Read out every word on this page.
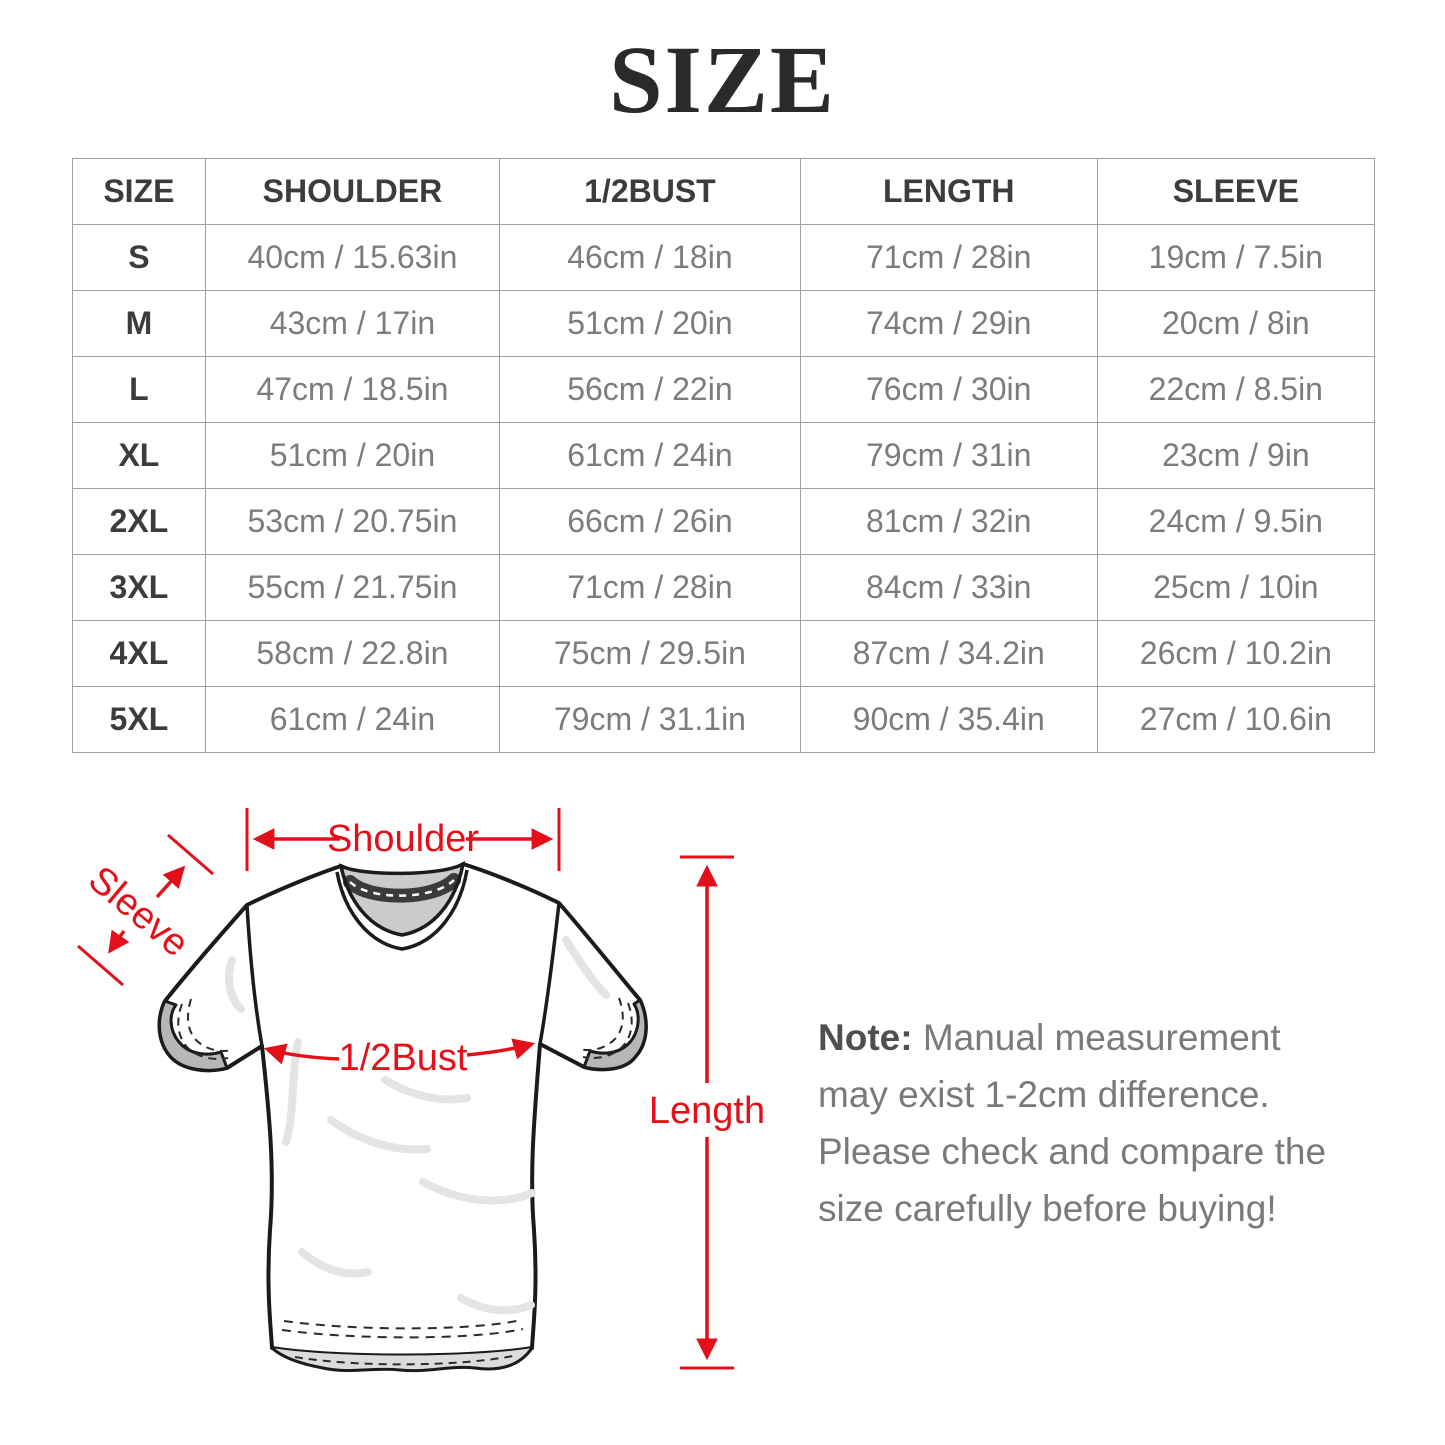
SIZE
SIZE	SHOULDER	1/2BUST	LENGTH	SLEEVE
S	40cm / 15.63in	46cm / 18in	71cm / 28in	19cm / 7.5in
M	43cm / 17in	51cm / 20in	74cm / 29in	20cm / 8in
L	47cm / 18.5in	56cm / 22in	76cm / 30in	22cm / 8.5in
XL	51cm / 20in	61cm / 24in	79cm / 31in	23cm / 9in
2XL	53cm / 20.75in	66cm / 26in	81cm / 32in	24cm / 9.5in
3XL	55cm / 21.75in	71cm / 28in	84cm / 33in	25cm / 10in
4XL	58cm / 22.8in	75cm / 29.5in	87cm / 34.2in	26cm / 10.2in
5XL	61cm / 24in	79cm / 31.1in	90cm / 35.4in	27cm / 10.6in
Shoulder
1/2Bust
Length
Sleeve

Note: Manual measurement may exist 1-2cm difference. Please check and compare the size carefully before buying!
